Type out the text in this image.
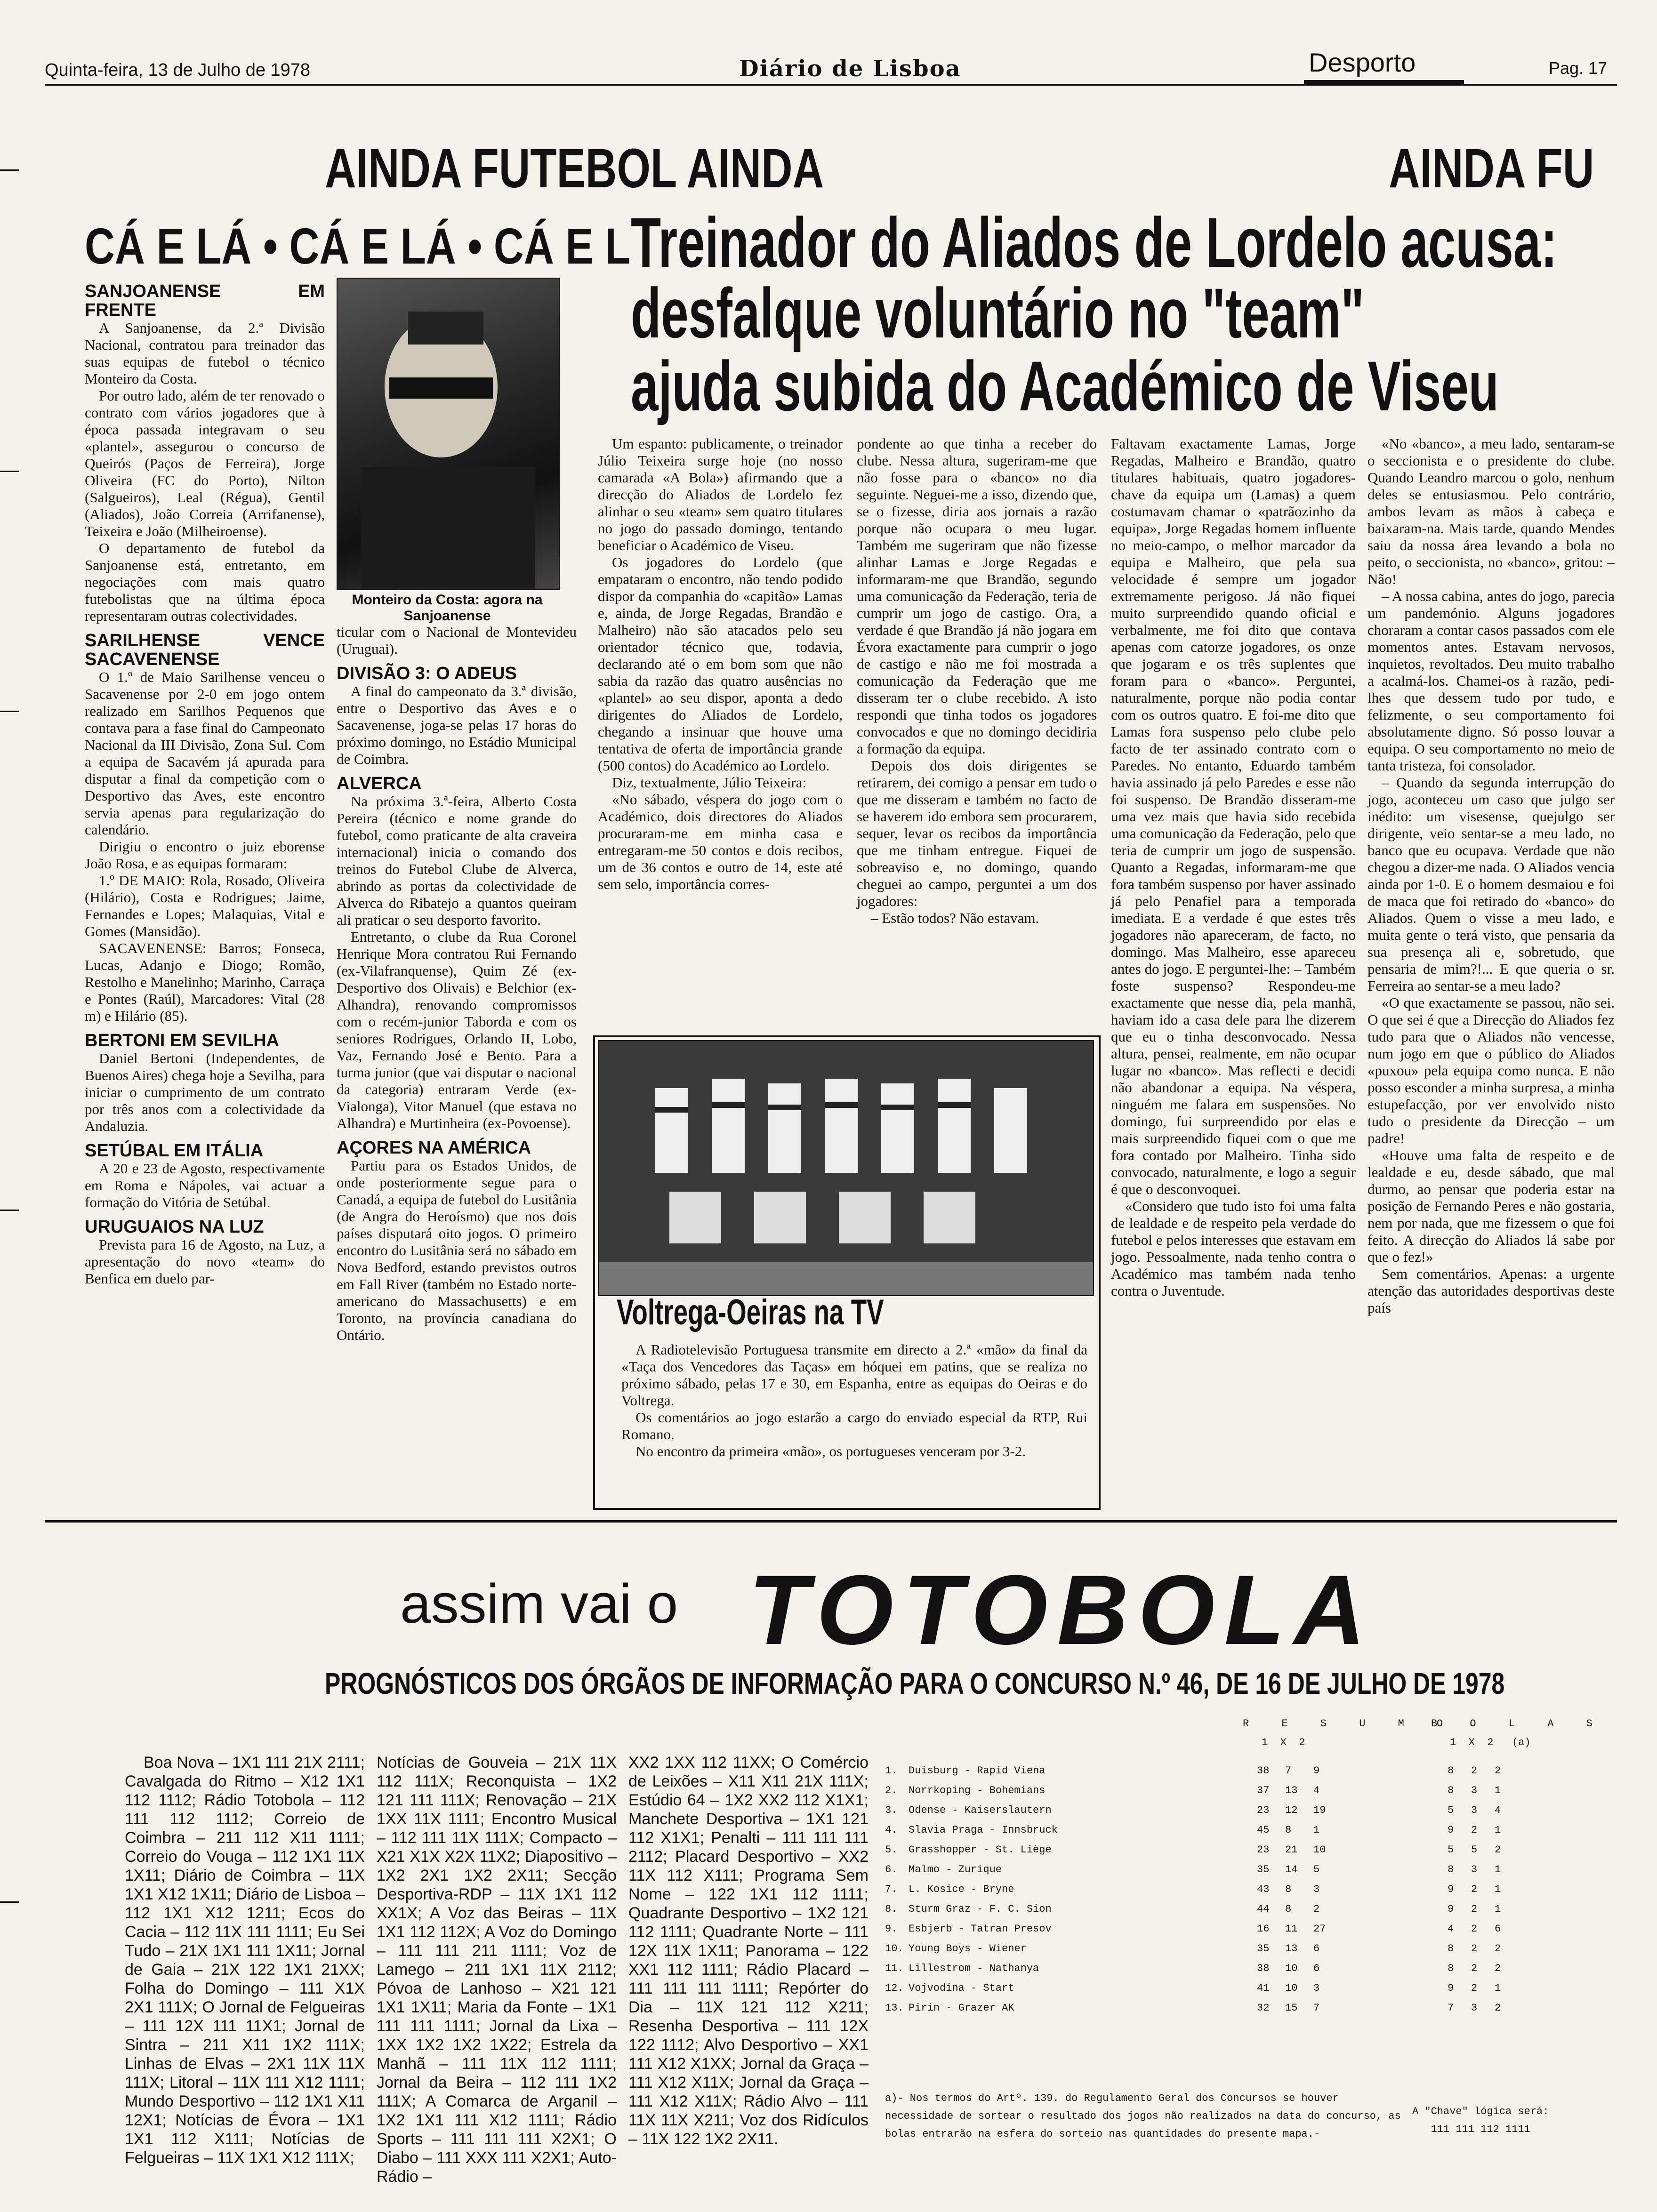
Quinta-feira, 13 de Julho de 1978	Diário de Lisboa	Desporto	Pag. 17
AINDA FUTEBOL AINDA	AINDA FU
CÁ E LÁ • CÁ E LÁ • CÁ E L Treinador do Aliados de Lordelo acusa:
desfalque voluntário no "team"
ajuda subida do Académico de Viseu
Monteiro da Costa: agora na Sanjoanense
SANJOANENSE EM FRENTE

A Sanjoanense, da 2.ª Divisão Nacional, contratou para treinador das suas equipas de futebol o técnico Monteiro da Costa.

Por outro lado, além de ter renovado o contrato com vários jogadores que à época passada integravam o seu «plantel», assegurou o concurso de Queirós (Paços de Ferreira), Jorge Oliveira (FC do Porto), Nilton (Salgueiros), Leal (Régua), Gentil (Aliados), João Correia (Arrifanense), Teixeira e João (Milheiroense).

O departamento de futebol da Sanjoanense está, entretanto, em negociações com mais quatro futebolistas que na última época representaram outras colectividades.

SARILHENSE VENCE SACAVENENSE

O 1.º de Maio Sarilhense venceu o Sacavenense por 2-0 em jogo ontem realizado em Sarilhos Pequenos que contava para a fase final do Campeonato Nacional da III Divisão, Zona Sul. Com a equipa de Sacavém já apurada para disputar a final da competição com o Desportivo das Aves, este encontro servia apenas para regularização do calendário.

Dirigiu o encontro o juiz eborense João Rosa, e as equipas formaram:

1.º DE MAIO: Rola, Rosado, Oliveira (Hilário), Costa e Rodrigues; Jaime, Fernandes e Lopes; Malaquias, Vital e Gomes (Mansidão).

SACAVENENSE: Barros; Fonseca, Lucas, Adanjo e Diogo; Romão, Restolho e Manelinho; Marinho, Carraça e Pontes (Raúl), Marcadores: Vital (28 m) e Hilário (85).

BERTONI EM SEVILHA

Daniel Bertoni (Independentes, de Buenos Aires) chega hoje a Sevilha, para iniciar o cumprimento de um contrato por três anos com a colectividade da Andaluzia.

SETÚBAL EM ITÁLIA

A 20 e 23 de Agosto, respectivamente em Roma e Nápoles, vai actuar a formação do Vitória de Setúbal.

URUGUAIOS NA LUZ

Prevista para 16 de Agosto, na Luz, a apresentação do novo «team» do Benfica em duelo par-

ticular com o Nacional de Montevideu (Uruguai).

DIVISÃO 3: O ADEUS

A final do campeonato da 3.ª divisão, entre o Desportivo das Aves e o Sacavenense, joga-se pelas 17 horas do próximo domingo, no Estádio Municipal de Coimbra.

ALVERCA

Na próxima 3.ª-feira, Alberto Costa Pereira (técnico e nome grande do futebol, como praticante de alta craveira internacional) inicia o comando dos treinos do Futebol Clube de Alverca, abrindo as portas da colectividade de Alverca do Ribatejo a quantos queiram ali praticar o seu desporto favorito.

Entretanto, o clube da Rua Coronel Henrique Mora contratou Rui Fernando (ex-Vilafranquense), Quim Zé (ex-Desportivo dos Olivais) e Belchior (ex-Alhandra), renovando compromissos com o recém-junior Taborda e com os seniores Rodrigues, Orlando II, Lobo, Vaz, Fernando José e Bento. Para a turma junior (que vai disputar o nacional da categoria) entraram Verde (ex-Vialonga), Vitor Manuel (que estava no Alhandra) e Murtinheira (ex-Povoense).

AÇORES NA AMÉRICA

Partiu para os Estados Unidos, de onde posteriormente segue para o Canadá, a equipa de futebol do Lusitânia (de Angra do Heroísmo) que nos dois países disputará oito jogos. O primeiro encontro do Lusitânia será no sábado em Nova Bedford, estando previstos outros em Fall River (também no Estado norte-americano do Massachusetts) e em Toronto, na província canadiana do Ontário.

Um espanto: publicamente, o treinador Júlio Teixeira surge hoje (no nosso camarada «A Bola») afirmando que a direcção do Aliados de Lordelo fez alinhar o seu «team» sem quatro titulares no jogo do passado domingo, tentando beneficiar o Académico de Viseu.

Os jogadores do Lordelo (que empataram o encontro, não tendo podido dispor da companhia do «capitão» Lamas e, ainda, de Jorge Regadas, Brandão e Malheiro) não são atacados pelo seu orientador técnico que, todavia, declarando até o em bom som que não sabia da razão das quatro ausências no «plantel» ao seu dispor, aponta a dedo dirigentes do Aliados de Lordelo, chegando a insinuar que houve uma tentativa de oferta de importância grande (500 contos) do Académico ao Lordelo.

Diz, textualmente, Júlio Teixeira:

«No sábado, véspera do jogo com o Académico, dois directores do Aliados procuraram-me em minha casa e entregaram-me 50 contos e dois recibos, um de 36 contos e outro de 14, este até sem selo, importância corres-

pondente ao que tinha a receber do clube. Nessa altura, sugeriram-me que não fosse para o «banco» no dia seguinte. Neguei-me a isso, dizendo que, se o fizesse, diria aos jornais a razão porque não ocupara o meu lugar. Também me sugeriram que não fizesse alinhar Lamas e Jorge Regadas e informaram-me que Brandão, segundo uma comunicação da Federação, teria de cumprir um jogo de castigo. Ora, a verdade é que Brandão já não jogara em Évora exactamente para cumprir o jogo de castigo e não me foi mostrada a comunicação da Federação que me disseram ter o clube recebido. A isto respondi que tinha todos os jogadores convocados e que no domingo decidiria a formação da equipa.

Depois dos dois dirigentes se retirarem, dei comigo a pensar em tudo o que me disseram e também no facto de se haverem ido embora sem procurarem, sequer, levar os recibos da importância que me tinham entregue. Fiquei de sobreaviso e, no domingo, quando cheguei ao campo, perguntei a um dos jogadores:

– Estão todos? Não estavam.

Faltavam exactamente Lamas, Jorge Regadas, Malheiro e Brandão, quatro titulares habituais, quatro jogadores-chave da equipa um (Lamas) a quem costumavam chamar o «patrãozinho da equipa», Jorge Regadas homem influente no meio-campo, o melhor marcador da equipa e Malheiro, que pela sua velocidade é sempre um jogador extremamente perigoso. Já não fiquei muito surpreendido quando oficial e verbalmente, me foi dito que contava apenas com catorze jogadores, os onze que jogaram e os três suplentes que foram para o «banco». Perguntei, naturalmente, porque não podia contar com os outros quatro. E foi-me dito que Lamas fora suspenso pelo clube pelo facto de ter assinado contrato com o Paredes. No entanto, Eduardo também havia assinado já pelo Paredes e esse não foi suspenso. De Brandão disseram-me uma vez mais que havia sido recebida uma comunicação da Federação, pelo que teria de cumprir um jogo de suspensão. Quanto a Regadas, informaram-me que fora também suspenso por haver assinado já pelo Penafiel para a temporada imediata. E a verdade é que estes três jogadores não apareceram, de facto, no domingo. Mas Malheiro, esse apareceu antes do jogo. E perguntei-lhe: – Também foste suspenso? Respondeu-me exactamente que nesse dia, pela manhã, haviam ido a casa dele para lhe dizerem que eu o tinha desconvocado. Nessa altura, pensei, realmente, em não ocupar lugar no «banco». Mas reflecti e decidi não abandonar a equipa. Na véspera, ninguém me falara em suspensões. No domingo, fui surpreendido por elas e mais surpreendido fiquei com o que me fora contado por Malheiro. Tinha sido convocado, naturalmente, e logo a seguir é que o desconvoquei.

«Considero que tudo isto foi uma falta de lealdade e de respeito pela verdade do futebol e pelos interesses que estavam em jogo. Pessoalmente, nada tenho contra o Académico mas também nada tenho contra o Juventude.

«No «banco», a meu lado, sentaram-se o seccionista e o presidente do clube. Quando Leandro marcou o golo, nenhum deles se entusiasmou. Pelo contrário, ambos levam as mãos à cabeça e baixaram-na. Mais tarde, quando Mendes saiu da nossa área levando a bola no peito, o seccionista, no «banco», gritou: – Não!

– A nossa cabina, antes do jogo, parecia um pandemónio. Alguns jogadores choraram a contar casos passados com ele momentos antes. Estavam nervosos, inquietos, revoltados. Deu muito trabalho a acalmá-los. Chamei-os à razão, pedi-lhes que dessem tudo por tudo, e felizmente, o seu comportamento foi absolutamente digno. Só posso louvar a equipa. O seu comportamento no meio de tanta tristeza, foi consolador.

– Quando da segunda interrupção do jogo, aconteceu um caso que julgo ser inédito: um visesense, quejulgo ser dirigente, veio sentar-se a meu lado, no banco que eu ocupava. Verdade que não chegou a dizer-me nada. O Aliados vencia ainda por 1-0. E o homem desmaiou e foi de maca que foi retirado do «banco» do Aliados. Quem o visse a meu lado, e muita gente o terá visto, que pensaria da sua presença ali e, sobretudo, que pensaria de mim?!... E que queria o sr. Ferreira ao sentar-se a meu lado?

«O que exactamente se passou, não sei. O que sei é que a Direcção do Aliados fez tudo para que o Aliados não vencesse, num jogo em que o público do Aliados «puxou» pela equipa como nunca. E não posso esconder a minha surpresa, a minha estupefacção, por ver envolvido nisto tudo o presidente da Direcção – um padre!

«Houve uma falta de respeito e de lealdade e eu, desde sábado, que mal durmo, ao pensar que poderia estar na posição de Fernando Peres e não gostaria, nem por nada, que me fizessem o que foi feito. A direcção do Aliados lá sabe por que o fez!»

Sem comentários. Apenas: a urgente atenção das autoridades desportivas deste país

Voltrega-Oeiras na TV

A Radiotelevisão Portuguesa transmite em directo a 2.ª «mão» da final da «Taça dos Vencedores das Taças» em hóquei em patins, que se realiza no próximo sábado, pelas 17 e 30, em Espanha, entre as equipas do Oeiras e do Voltrega.

Os comentários ao jogo estarão a cargo do enviado especial da RTP, Rui Romano.

No encontro da primeira «mão», os portugueses venceram por 3-2.

assim vai o TOTOBOLA
PROGNÓSTICOS DOS ÓRGÃOS DE INFORMAÇÃO PARA O CONCURSO N.º 46, DE 16 DE JULHO DE 1978

Boa Nova – 1X1 111 21X 2111; Cavalgada do Ritmo – X12 1X1 112 1112; Rádio Totobola – 112 111 112 1112; Correio de Coimbra – 211 112 X11 1111; Correio do Vouga – 112 1X1 11X 1X11; Diário de Coimbra – 11X 1X1 X12 1X11; Diário de Lisboa – 112 1X1 X12 1211; Ecos do Cacia – 112 11X 111 1111; Eu Sei Tudo – 21X 1X1 111 1X11; Jornal de Gaia – 21X 122 1X1 21XX; Folha do Domingo – 111 X1X 2X1 111X; O Jornal de Felgueiras – 111 12X 111 11X1; Jornal de Sintra – 211 X11 1X2 111X; Linhas de Elvas – 2X1 11X 11X 111X; Litoral – 11X 111 X12 1111; Mundo Desportivo – 112 1X1 X11 12X1; Notícias de Évora – 1X1 1X1 112 X111; Notícias de Felgueiras – 11X 1X1 X12 111X;

Notícias de Gouveia – 21X 11X 112 111X; Reconquista – 1X2 121 111 111X; Renovação – 21X 1XX 11X 1111; Encontro Musical – 112 111 11X 111X; Compacto – X21 X1X X2X 11X2; Diapositivo – 1X2 2X1 1X2 2X11; Secção Desportiva-RDP – 11X 1X1 112 XX1X; A Voz das Beiras – 11X 1X1 112 112X; A Voz do Domingo – 111 111 211 1111; Voz de Lamego – 211 1X1 11X 2112; Póvoa de Lanhoso – X21 121 1X1 1X11; Maria da Fonte – 1X1 111 111 1111; Jornal da Lixa – 1XX 1X2 1X2 1X22; Estrela da Manhã – 111 11X 112 1111; Jornal da Beira – 112 111 1X2 111X; A Comarca de Arganil – 1X2 1X1 111 X12 1111; Rádio Sports – 111 111 111 X2X1; O Diabo – 111 XXX 111 X2X1; Auto-Rádio –

XX2 1XX 112 11XX; O Comércio de Leixões – X11 X11 21X 111X; Estúdio 64 – 1X2 XX2 112 X1X1; Manchete Desportiva – 1X1 121 112 X1X1; Penalti – 111 111 111 2112; Placard Desportivo – XX2 11X 112 X111; Programa Sem Nome – 122 1X1 112 1111; Quadrante Desportivo – 1X2 121 112 1111; Quadrante Norte – 111 12X 11X 1X11; Panorama – 122 XX1 112 1111; Rádio Placard – 111 111 111 1111; Repórter do Dia – 11X 121 112 X211; Resenha Desportiva – 111 12X 122 1112; Alvo Desportivo – XX1 111 X12 X1XX; Jornal da Graça – 111 X12 X11X; Jornal da Graça – 111 X12 X11X; Rádio Alvo – 111 11X 11X X211; Voz dos Ridículos – 11X 122 1X2 2X11.

R E S U M O
B O L A S
1  X  2	1  X  2   (a)
1. Duisburg - Rapid Viena	38 7 9	8 2 2
2. Norrkoping - Bohemians	37 13 4	8 3 1
3. Odense - Kaiserslautern	23 12 19	5 3 4
4. Slavia Praga - Innsbruck	45 8 1	9 2 1
5. Grasshopper - St. Liège	23 21 10	5 5 2
6. Malmo - Zurique	35 14 5	8 3 1
7. L. Kosice - Bryne	43 8 3	9 2 1
8. Sturm Graz - F. C. Sion	44 8 2	9 2 1
9. Esbjerb - Tatran Presov	16 11 27	4 2 6
10. Young Boys - Wiener	35 13 6	8 2 2
11. Lillestrom - Nathanya	38 10 6	8 2 2
12. Vojvodina - Start	41 10 3	9 2 1
13. Pirin - Grazer AK	32 15 7	7 3 2
a)- Nos termos do Artº. 139. do Regulamento Geral dos Concursos se houver necessidade de sortear o resultado dos jogos não realizados na data do concurso, as bolas entrarão na esfera do sorteio nas quantidades do presente mapa.-
A "Chave" lógica será:
111 111 112 1111
